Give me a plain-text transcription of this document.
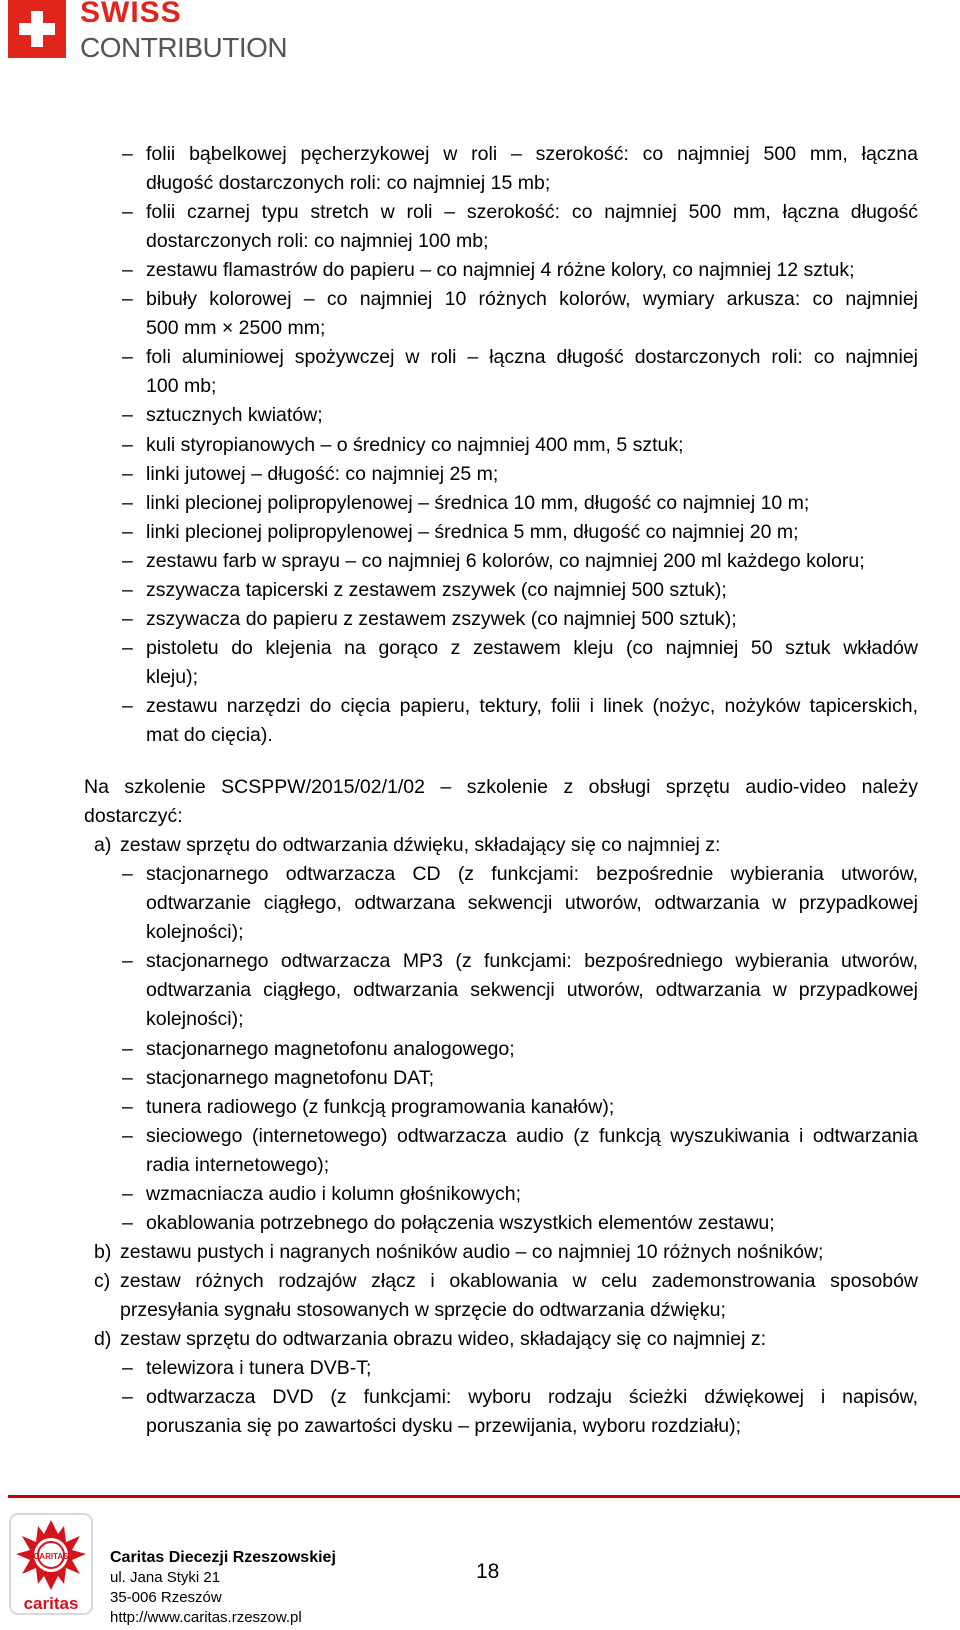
SWISS
CONTRIBUTION
– folii bąbelkowej pęcherzykowej w roli – szerokość: co najmniej 500 mm, łączna
długość dostarczonych roli: co najmniej 15 mb;
– folii czarnej typu stretch w roli – szerokość: co najmniej 500 mm, łączna długość
dostarczonych roli: co najmniej 100 mb;
– zestawu flamastrów do papieru – co najmniej 4 różne kolory, co najmniej 12 sztuk;
– bibuły kolorowej – co najmniej 10 różnych kolorów, wymiary arkusza: co najmniej
500 mm × 2500 mm;
– foli aluminiowej spożywczej w roli – łączna długość dostarczonych roli: co najmniej
100 mb;
– sztucznych kwiatów;
– kuli styropianowych – o średnicy co najmniej 400 mm, 5 sztuk;
– linki jutowej – długość: co najmniej 25 m;
– linki plecionej polipropylenowej – średnica 10 mm, długość co najmniej 10 m;
– linki plecionej polipropylenowej – średnica 5 mm, długość co najmniej 20 m;
– zestawu farb w sprayu – co najmniej 6 kolorów, co najmniej 200 ml każdego koloru;
– zszywacza tapicerski z zestawem zszywek (co najmniej 500 sztuk);
– zszywacza do papieru z zestawem zszywek (co najmniej 500 sztuk);
– pistoletu do klejenia na gorąco z zestawem kleju (co najmniej 50 sztuk wkładów
kleju);
– zestawu narzędzi do cięcia papieru, tektury, folii i linek (nożyc, nożyków tapicerskich,
mat do cięcia).
Na szkolenie SCSPPW/2015/02/1/02 – szkolenie z obsługi sprzętu audio-video należy
dostarczyć:
a) zestaw sprzętu do odtwarzania dźwięku, składający się co najmniej z:
– stacjonarnego odtwarzacza CD (z funkcjami: bezpośrednie wybierania utworów,
odtwarzanie ciągłego, odtwarzana sekwencji utworów, odtwarzania w przypadkowej
kolejności);
– stacjonarnego odtwarzacza MP3 (z funkcjami: bezpośredniego wybierania utworów,
odtwarzania ciągłego, odtwarzania sekwencji utworów, odtwarzania w przypadkowej
kolejności);
– stacjonarnego magnetofonu analogowego;
– stacjonarnego magnetofonu DAT;
– tunera radiowego (z funkcją programowania kanałów);
– sieciowego (internetowego) odtwarzacza audio (z funkcją wyszukiwania i odtwarzania
radia internetowego);
– wzmacniacza audio i kolumn głośnikowych;
– okablowania potrzebnego do połączenia wszystkich elementów zestawu;
b) zestawu pustych i nagranych nośników audio – co najmniej 10 różnych nośników;
c) zestaw różnych rodzajów złącz i okablowania w celu zademonstrowania sposobów
przesyłania sygnału stosowanych w sprzęcie do odtwarzania dźwięku;
d) zestaw sprzętu do odtwarzania obrazu wideo, składający się co najmniej z:
– telewizora i tunera DVB-T;
– odtwarzacza DVD (z funkcjami: wyboru rodzaju ścieżki dźwiękowej i napisów,
poruszania się po zawartości dysku – przewijania, wyboru rozdziału);
CARITAS
caritas
Caritas Diecezji Rzeszowskiej
ul. Jana Styki 21
35-006 Rzeszów
http://www.caritas.rzeszow.pl
18
